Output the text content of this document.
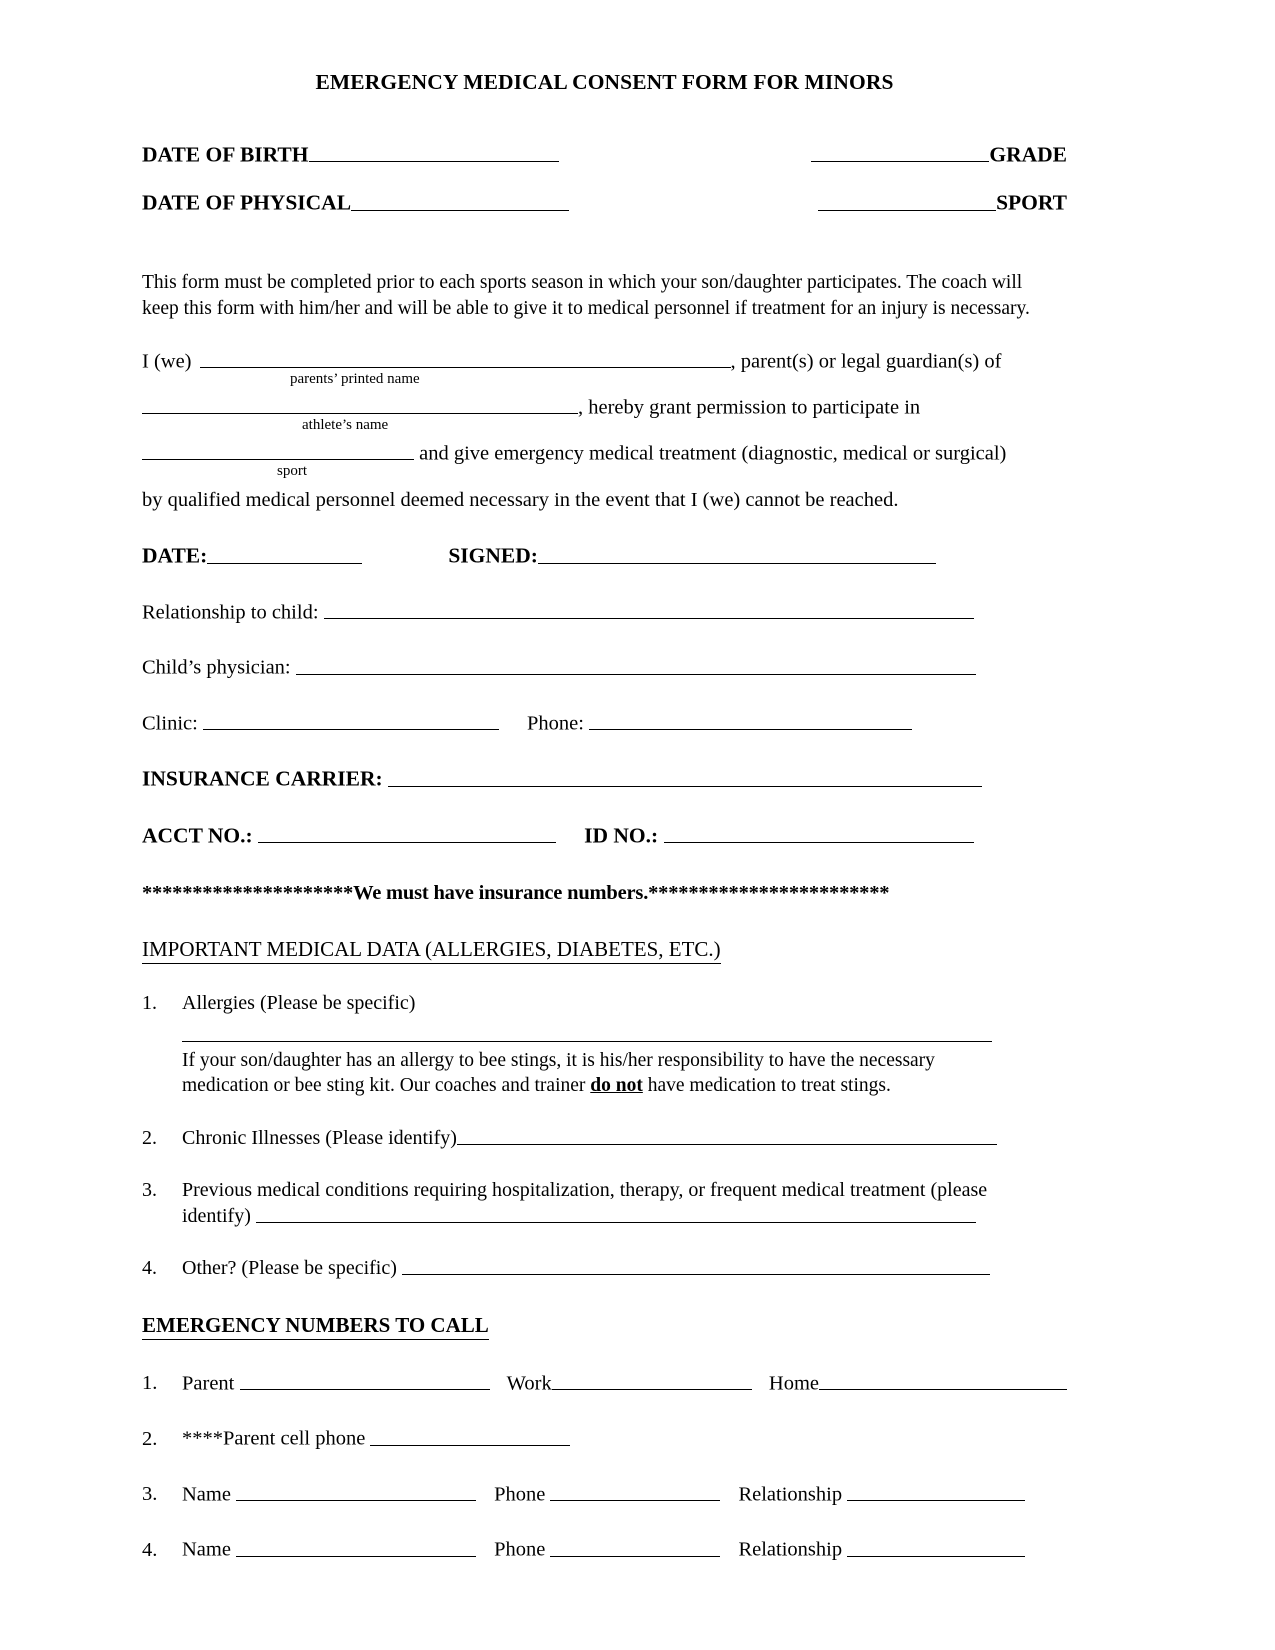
EMERGENCY MEDICAL CONSENT FORM FOR MINORS
DATE OF BIRTH	GRADE
DATE OF PHYSICAL	SPORT
This form must be completed prior to each sports season in which your son/daughter participates. The coach will
keep this form with him/her and will be able to give it to medical personnel if treatment for an injury is necessary.
I (we)	, parent(s) or legal guardian(s) of
parents’ printed name
, hereby grant permission to participate in
athlete’s name
and give emergency medical treatment (diagnostic, medical or surgical)
sport
by qualified medical personnel deemed necessary in the event that I (we) cannot be reached.
DATE:	SIGNED:
Relationship to child:
Child’s physician:
Clinic:	Phone:
INSURANCE CARRIER:
ACCT NO.:	ID NO.:
*********************We must have insurance numbers.************************
IMPORTANT MEDICAL DATA (ALLERGIES, DIABETES, ETC.)
1.	Allergies (Please be specific)
If your son/daughter has an allergy to bee stings, it is his/her responsibility to have the necessary
medication or bee sting kit. Our coaches and trainer do not have medication to treat stings.
2.	Chronic Illnesses (Please identify)
3.	Previous medical conditions requiring hospitalization, therapy, or frequent medical treatment (please
identify)
4.	Other? (Please be specific)
EMERGENCY NUMBERS TO CALL
1.	Parent	Work	Home
2.	****Parent cell phone
3.	Name	Phone	Relationship
4.	Name	Phone	Relationship
